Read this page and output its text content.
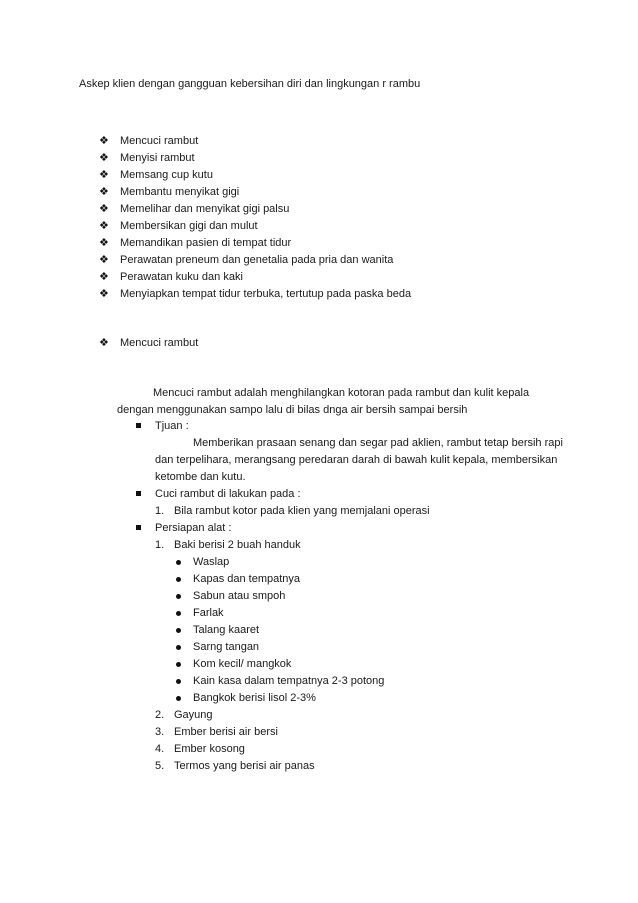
Askep klien dengan gangguan kebersihan diri dan lingkungan r rambu
❖ Mencuci rambut
❖ Menyisi rambut
❖ Memsang cup kutu
❖ Membantu menyikat gigi
❖ Memelihar dan menyikat gigi palsu
❖ Membersikan gigi dan mulut
❖ Memandikan pasien di tempat tidur
❖ Perawatan preneum dan genetalia pada pria dan wanita
❖ Perawatan kuku dan kaki
❖ Menyiapkan tempat tidur terbuka, tertutup pada paska beda
❖ Mencuci rambut
Mencuci rambut adalah menghilangkan kotoran pada rambut dan kulit kepala
dengan menggunakan sampo lalu di bilas dnga air bersih sampai bersih
Tjuan :
Memberikan prasaan senang dan segar pad aklien, rambut tetap bersih rapi
dan terpelihara, merangsang peredaran darah di bawah kulit kepala, membersikan
ketombe dan kutu.
Cuci rambut di lakukan pada :
1. Bila rambut kotor pada klien yang memjalani operasi
Persiapan alat :
1. Baki berisi 2 buah handuk
Waslap
Kapas dan tempatnya
Sabun atau smpoh
Farlak
Talang kaaret
Sarng tangan
Kom kecil/ mangkok
Kain kasa dalam tempatnya 2-3 potong
Bangkok berisi lisol 2-3%
2. Gayung
3. Ember berisi air bersi
4. Ember kosong
5. Termos yang berisi air panas
